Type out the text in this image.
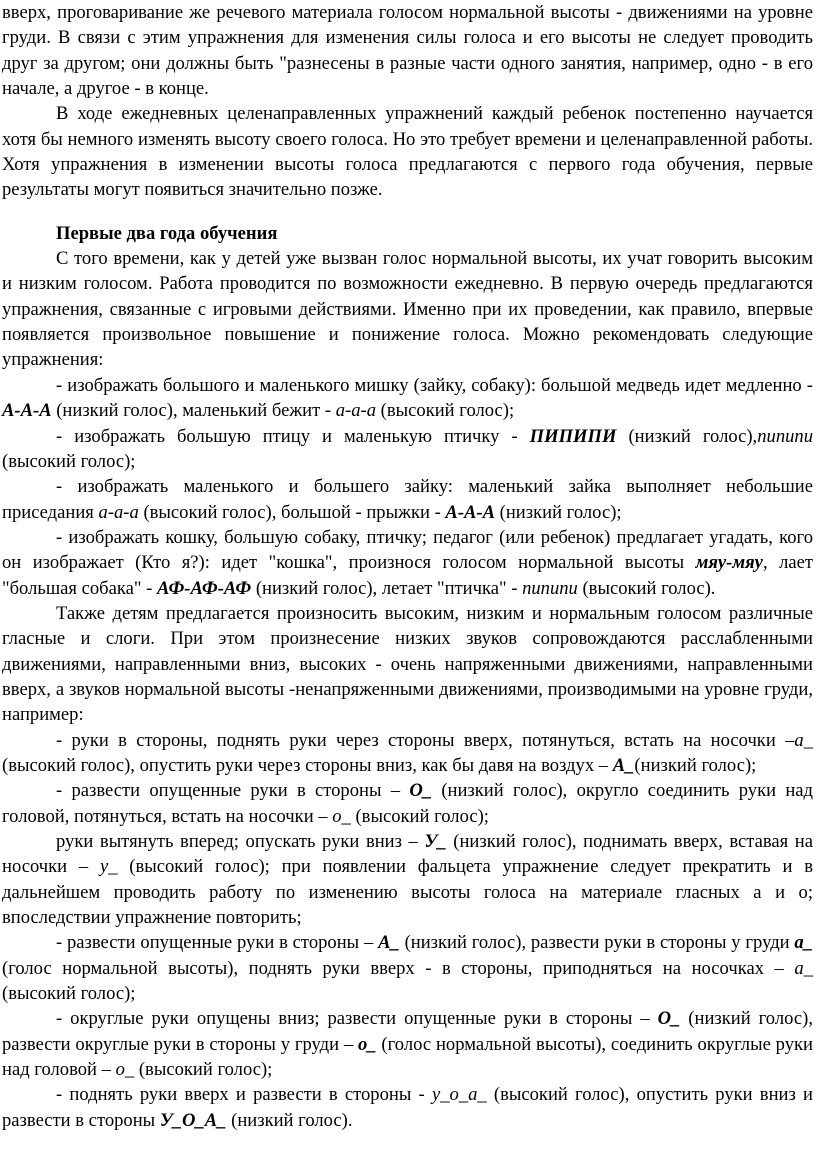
вверх, проговаривание же речевого материала голосом нормальной высоты - движениями на уровне груди. В связи с этим упражнения для изменения силы голоса и его высоты не следует проводить друг за другом; они должны быть "разнесены в разные части одного занятия, например, одно - в его начале, а другое - в конце.

В ходе ежедневных целенаправленных упражнений каждый ребенок постепенно научается хотя бы немного изменять высоту своего голоса. Но это требует времени и целенаправленной работы. Хотя упражнения в изменении высоты голоса предлагаются с первого года обучения, первые результаты могут появиться значительно позже.

Первые два года обучения

С того времени, как у детей уже вызван голос нормальной высоты, их учат говорить высоким и низким голосом. Работа проводится по возможности ежедневно. В первую очередь предлагаются упражнения, связанные с игровыми действиями. Именно при их проведении, как правило, впервые появляется произвольное повышение и понижение голоса. Можно рекомендовать следующие упражнения:

- изображать большого и маленького мишку (зайку, собаку): большой медведь идет медленно - А-А-А (низкий голос), маленький бежит - а-а-а (высокий голос);

- изображать большую птицу и маленькую птичку - ПИПИПИ (низкий голос),пипипи (высокий голос);

- изображать маленького и большего зайку: маленький зайка выполняет небольшие приседания а-а-а (высокий голос), большой - прыжки - А-А-А (низкий голос);

- изображать кошку, большую собаку, птичку; педагог (или ребенок) предлагает угадать, кого он изображает (Кто я?): идет "кошка", произнося голосом нормальной высоты мяу-мяу, лает "большая собака" - АФ-АФ-АФ (низкий голос), летает "птичка" - пипипи (высокий голос).

Также детям предлагается произносить высоким, низким и нормальным голосом различные гласные и слоги. При этом произнесение низких звуков сопровождаются расслабленными движениями, направленными вниз, высоких - очень напряженными движениями, направленными вверх, а звуков нормальной высоты -ненапряженными движениями, производимыми на уровне груди, например:

- руки в стороны, поднять руки через стороны вверх, потянуться, встать на носочки –а_ (высокий голос), опустить руки через стороны вниз, как бы давя на воздух – А_(низкий голос);

- развести опущенные руки в стороны – О_ (низкий голос), округло соединить руки над головой, потянуться, встать на носочки – о_ (высокий голос);

руки вытянуть вперед; опускать руки вниз – У_ (низкий голос), поднимать вверх, вставая на носочки – у_ (высокий голос); при появлении фальцета упражнение следует прекратить и в дальнейшем проводить работу по изменению высоты голоса на материале гласных а и о; впоследствии упражнение повторить;

- развести опущенные руки в стороны – А_ (низкий голос), развести руки в стороны у груди а_ (голос нормальной высоты), поднять руки вверх - в стороны, приподняться на носочках – а_ (высокий голос);

- округлые руки опущены вниз; развести опущенные руки в стороны – О_ (низкий голос), развести округлые руки в стороны у груди – о_ (голос нормальной высоты), соединить округлые руки над головой – о_ (высокий голос);

- поднять руки вверх и развести в стороны - у_о_а_ (высокий голос), опустить руки вниз и развести в стороны У_О_А_ (низкий голос).
